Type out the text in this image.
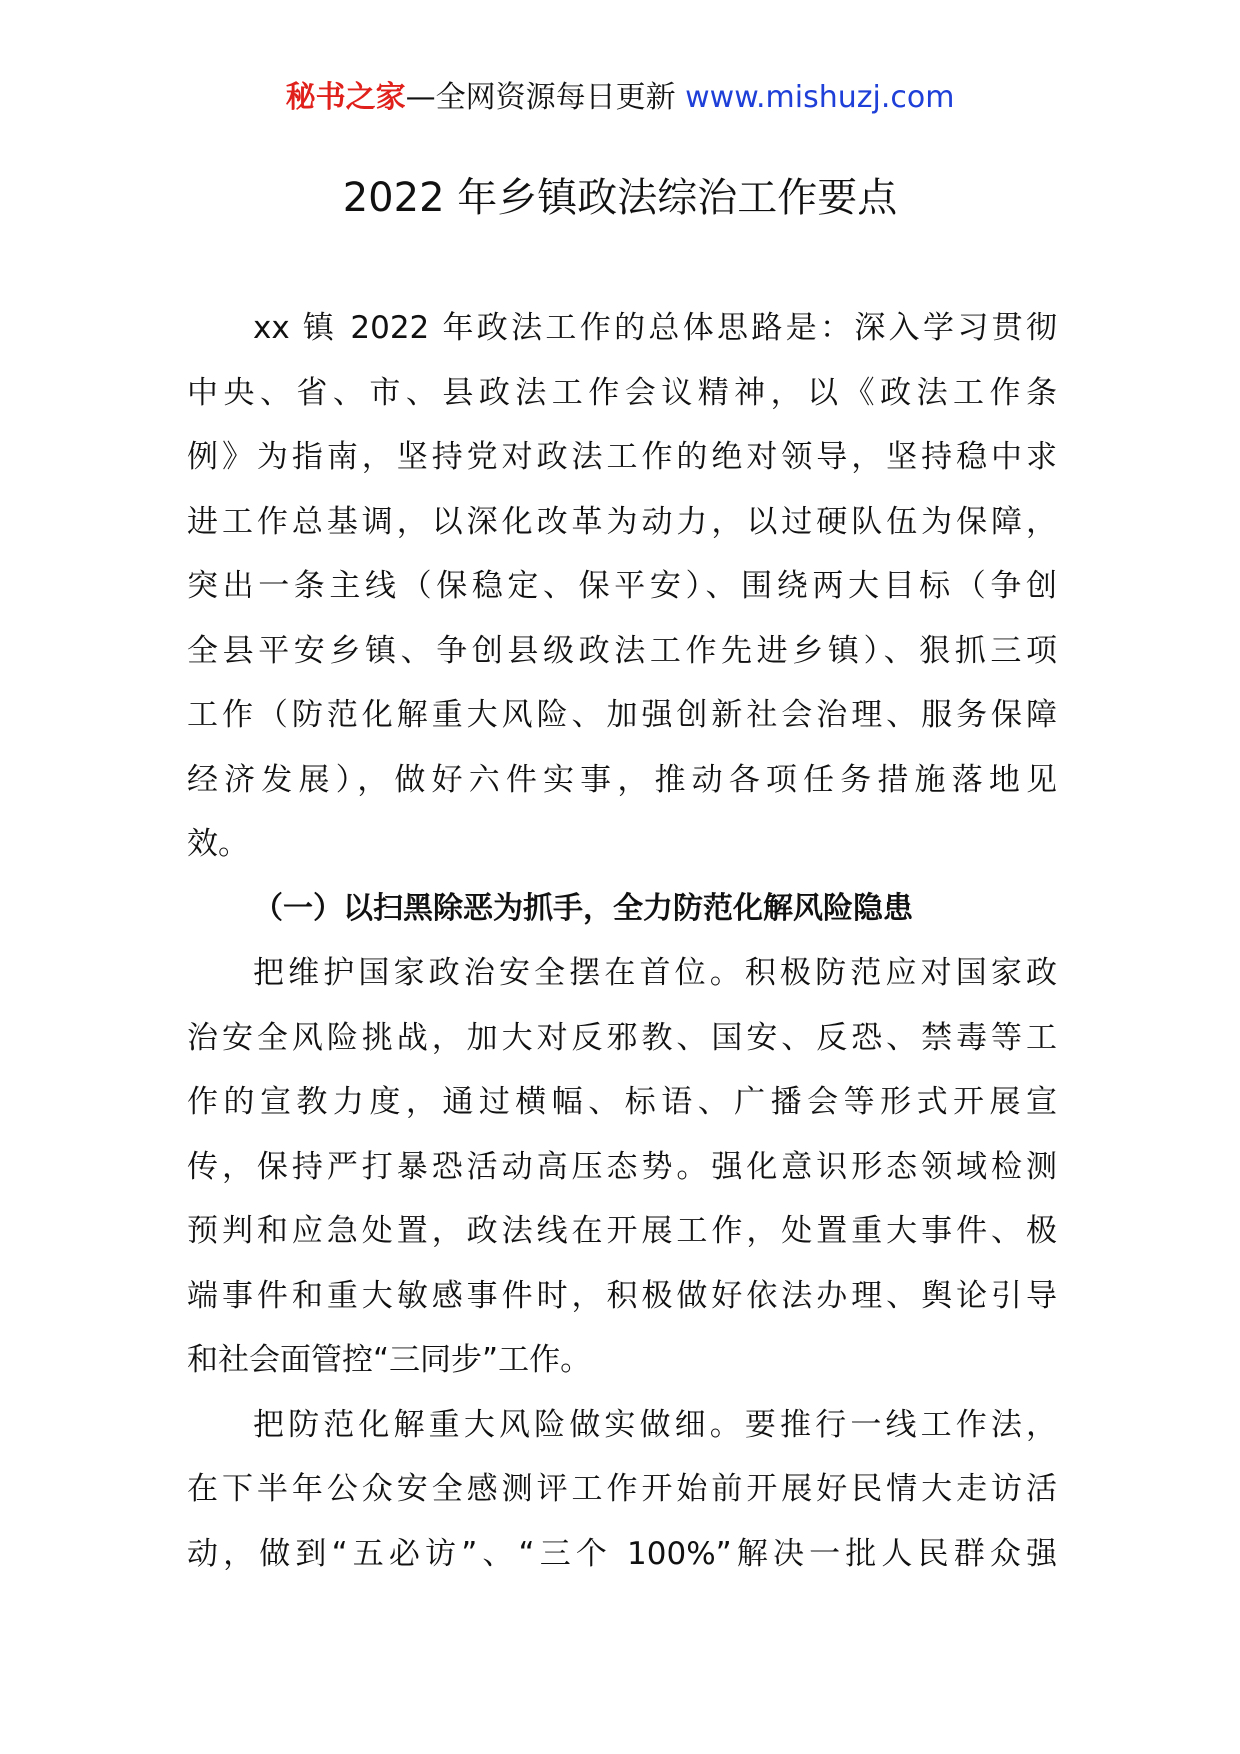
秘书之家—全网资源每日更新 www.mishuzj.com
2022 年乡镇政法综治工作要点
xx 镇 2022 年政法工作的总体思路是：深入学习贯彻
中央、省、市、县政法工作会议精神，以《政法工作条
例》为指南，坚持党对政法工作的绝对领导，坚持稳中求
进工作总基调，以深化改革为动力，以过硬队伍为保障，
突出一条主线（保稳定、保平安）、围绕两大目标（争创
全县平安乡镇、争创县级政法工作先进乡镇）、狠抓三项
工作（防范化解重大风险、加强创新社会治理、服务保障
经济发展），做好六件实事，推动各项任务措施落地见
效。
（一）以扫黑除恶为抓手，全力防范化解风险隐患
把维护国家政治安全摆在首位。积极防范应对国家政
治安全风险挑战，加大对反邪教、国安、反恐、禁毒等工
作的宣教力度，通过横幅、标语、广播会等形式开展宣
传，保持严打暴恐活动高压态势。强化意识形态领域检测
预判和应急处置，政法线在开展工作，处置重大事件、极
端事件和重大敏感事件时，积极做好依法办理、舆论引导
和社会面管控“三同步”工作。
把防范化解重大风险做实做细。要推行一线工作法，
在下半年公众安全感测评工作开始前开展好民情大走访活
动，做到“五必访”、“三个 100%”解决一批人民群众强
